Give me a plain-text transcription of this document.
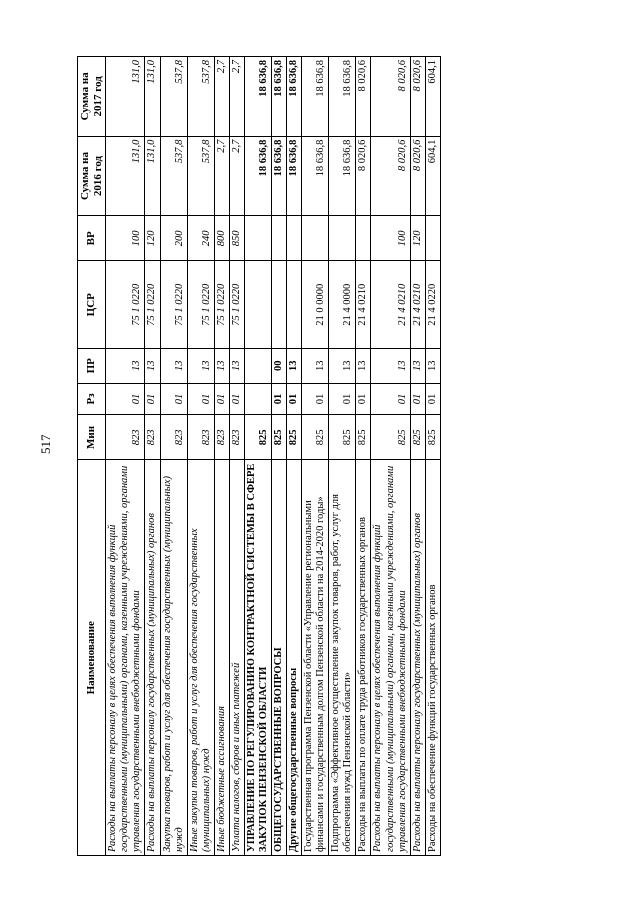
517
Наименование	Мин	Рз	ПР	ЦСР	ВР	Сумма на 2016 год	Сумма на 2017 год
Расходы на выплаты персоналу в целях обеспечения выполнения функций государственными (муниципальными) органами, казенными учреждениями, органами управления государственными внебюджетными фондами	823	01	13	75 1 0220	100	131,0	131,0
Расходы на выплаты персоналу государственных (муниципальных) органов	823	01	13	75 1 0220	120	131,0	131,0
Закупка товаров, работ и услуг для обеспечения государственных (муниципальных) нужд	823	01	13	75 1 0220	200	537,8	537,8
Иные закупки товаров, работ и услуг для обеспечения государственных (муниципальных) нужд	823	01	13	75 1 0220	240	537,8	537,8
Иные бюджетные ассигнования	823	01	13	75 1 0220	800	2,7	2,7
Уплата налогов, сборов и иных платежей	823	01	13	75 1 0220	850	2,7	2,7
УПРАВЛЕНИЕ ПО РЕГУЛИРОВАНИЮ КОНТРАКТНОЙ СИСТЕМЫ В СФЕРЕ ЗАКУПОК ПЕНЗЕНСКОЙ ОБЛАСТИ	825					18 636,8	18 636,8
ОБЩЕГОСУДАРСТВЕННЫЕ ВОПРОСЫ	825	01	00			18 636,8	18 636,8
Другие общегосударственные вопросы	825	01	13			18 636,8	18 636,8
Государственная программа Пензенской области «Управление региональными финансами и государственным долгом Пензенской области на 2014-2020 годы»	825	01	13	21 0 0000		18 636,8	18 636,8
Подпрограмма «Эффективное осуществление закупок товаров, работ, услуг для обеспечения нужд Пензенской области»	825	01	13	21 4 0000		18 636,8	18 636,8
Расходы на выплаты по оплате труда работников государственных органов	825	01	13	21 4 0210		8 020,6	8 020,6
Расходы на выплаты персоналу в целях обеспечения выполнения функций государственными (муниципальными) органами, казенными учреждениями, органами управления государственными внебюджетными фондами	825	01	13	21 4 0210	100	8 020,6	8 020,6
Расходы на выплаты персоналу государственных (муниципальных) органов	825	01	13	21 4 0210	120	8 020,6	8 020,6
Расходы на обеспечение функций государственных органов	825	01	13	21 4 0220		604,1	604,1
